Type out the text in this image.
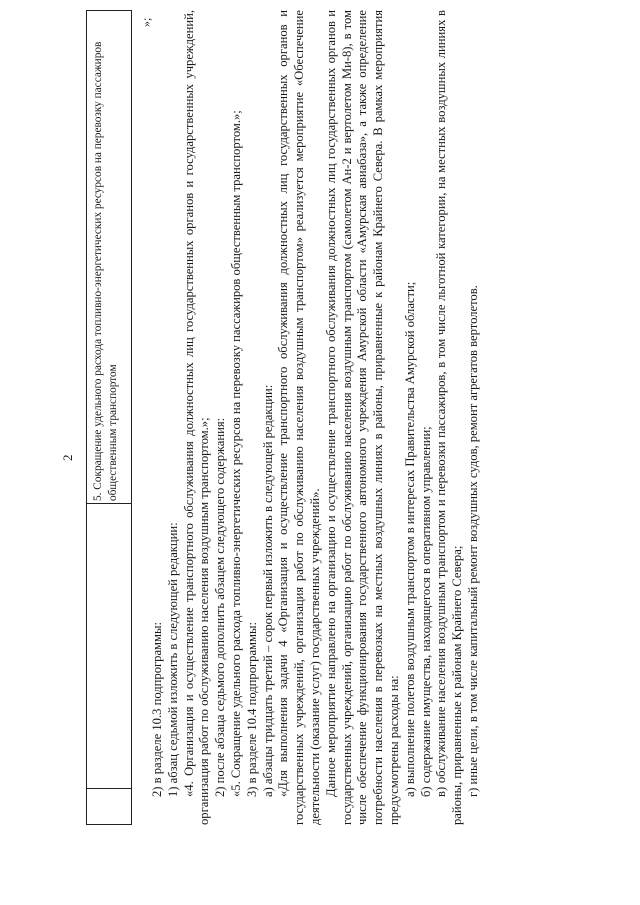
2 5. Сокращение удельного расхода топливно-энергетических ресурсов на перевозку пассажиров общественным транспортом
»;

2) в разделе 10.3 подпрограммы: 1) абзац седьмой изложить в следующей редакции: «4. Организация и осуществление транспортного обслуживания должностных лиц государственных органов и государственных учреждений, организация работ по обслуживанию населения воздушным транспортом.»; 2) после абзаца седьмого дополнить абзацем следующего содержания: «5. Сокращение удельного расхода топливно-энергетических ресурсов на перевозку пассажиров общественным транспортом.»; 3) в разделе 10.4 подпрограммы: а) абзацы тридцать третий – сорок первый изложить в следующей редакции: «Для выполнения задачи 4 «Организация и осуществление транспортного обслуживания должностных лиц государственных органов и государственных учреждений, организация работ по обслуживанию населения воздушным транспортом» реализуется мероприятие «Обеспечение деятельности (оказание услуг) государственных учреждений». Данное мероприятие направлено на организацию и осуществление транспортного обслуживания должностных лиц государственных органов и государственных учреждений, организацию работ по обслуживанию населения воздушным транспортом (самолетом Ан-2 и вертолетом Ми-8), в том числе обеспечение функционирования государственного автономного учреждения Амурской области «Амурская авиабаза», а также определение потребности населения в перевозках на местных воздушных линиях в районы, приравненные к районам Крайнего Севера. В рамках мероприятия предусмотрены расходы на: а) выполнение полетов воздушным транспортом в интересах Правительства Амурской области; б) содержание имущества, находящегося в оперативном управлении; в) обслуживание населения воздушным транспортом и перевозки пассажиров, в том числе льготной категории, на местных воздушных линиях в районы, приравненные к районам Крайнего Севера; г) иные цели, в том числе капитальный ремонт воздушных судов, ремонт агрегатов вертолетов.
